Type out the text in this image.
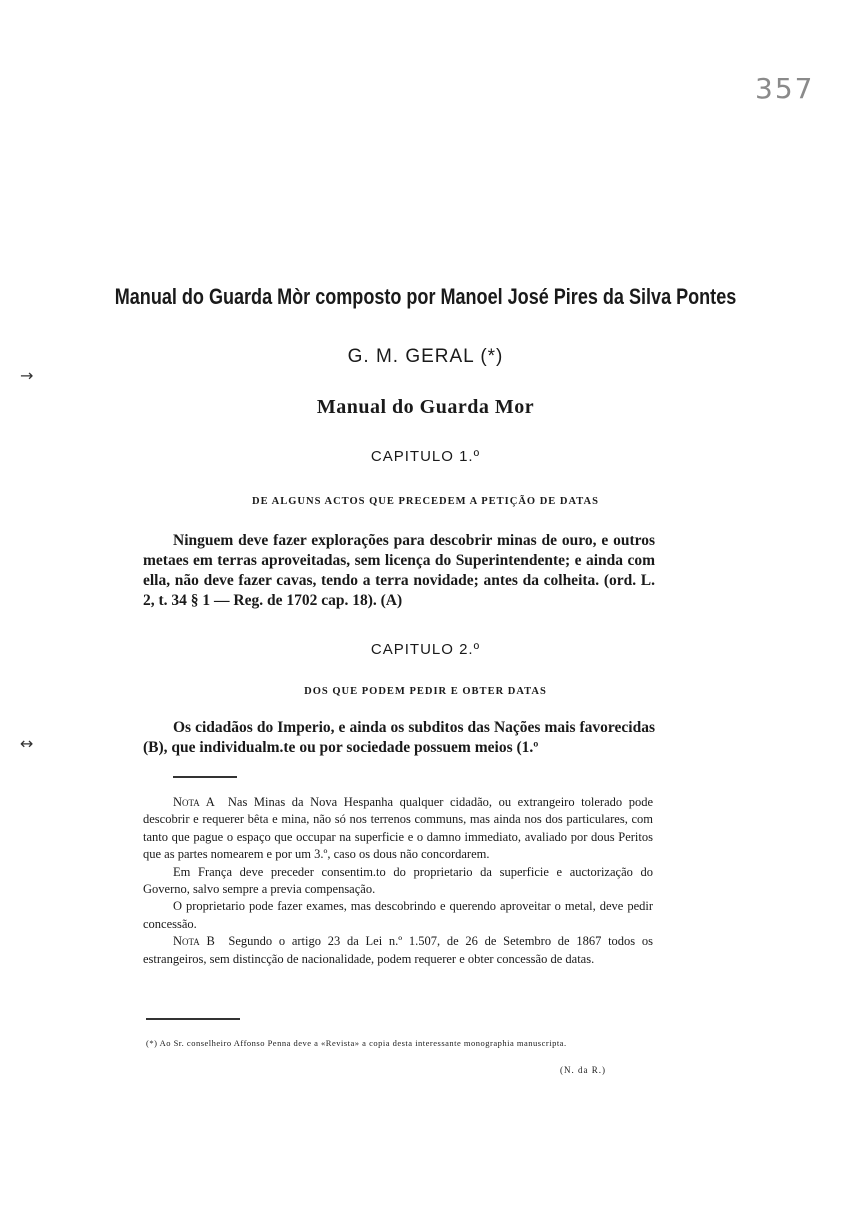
357
→
↔
Manual do Guarda Mòr composto por Manoel José Pires da Silva Pontes
G. M. GERAL (*)
Manual do Guarda Mor
CAPITULO 1.º
DE ALGUNS ACTOS QUE PRECEDEM A PETIÇÃO DE DATAS
Ninguem deve fazer explorações para descobrir minas de ouro, e outros metaes em terras aproveitadas, sem licença do Superintendente; e ainda com ella, não deve fazer cavas, tendo a terra novidade; antes da colheita. (ord. L. 2, t. 34 § 1 — Reg. de 1702 cap. 18). (A)
CAPITULO 2.º
DOS QUE PODEM PEDIR E OBTER DATAS
Os cidadãos do Imperio, e ainda os subditos das Nações mais favorecidas (B), que individualm.te ou por sociedade possuem meios (1.º

Nota A Nas Minas da Nova Hespanha qualquer cidadão, ou extrangeiro tolerado pode descobrir e requerer bêta e mina, não só nos terrenos communs, mas ainda nos dos particulares, com tanto que pague o espaço que occupar na superficie e o damno immediato, avaliado por dous Peritos que as partes nomearem e por um 3.º, caso os dous não concordarem.

Em França deve preceder consentim.to do proprietario da superficie e auctorização do Governo, salvo sempre a previa compensação.

O proprietario pode fazer exames, mas descobrindo e querendo aproveitar o metal, deve pedir concessão.

Nota B Segundo o artigo 23 da Lei n.º 1.507, de 26 de Setembro de 1867 todos os estrangeiros, sem distincção de nacionalidade, podem requerer e obter concessão de datas.

(*) Ao Sr. conselheiro Affonso Penna deve a «Revista» a copia desta interessante monographia manuscripta.
(N. da R.)
